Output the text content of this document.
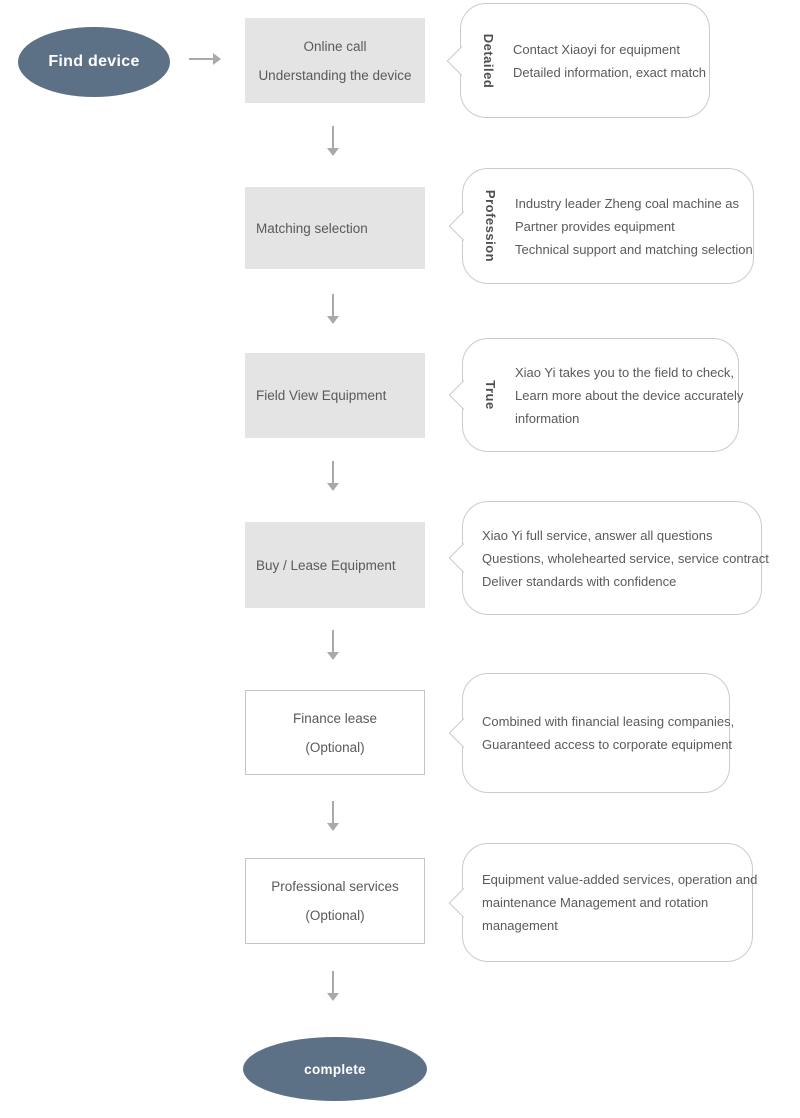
Find device
Online call
Understanding the device	Detailed Contact Xiaoyi for equipment
Detailed information, exact match
Matching selection	Profession Industry leader Zheng coal machine as
Partner provides equipment
Technical support and matching selection
Field View Equipment	True
Xiao Yi takes you to the field to check,
Learn more about the device accurately
information
Buy / Lease Equipment
Xiao Yi full service, answer all questions
Questions, wholehearted service, service contract
Deliver standards with confidence
Finance lease
(Optional)
Combined with financial leasing companies,
Guaranteed access to corporate equipment
Professional services
(Optional)
Equipment value-added services, operation and
maintenance Management and rotation
management
complete
